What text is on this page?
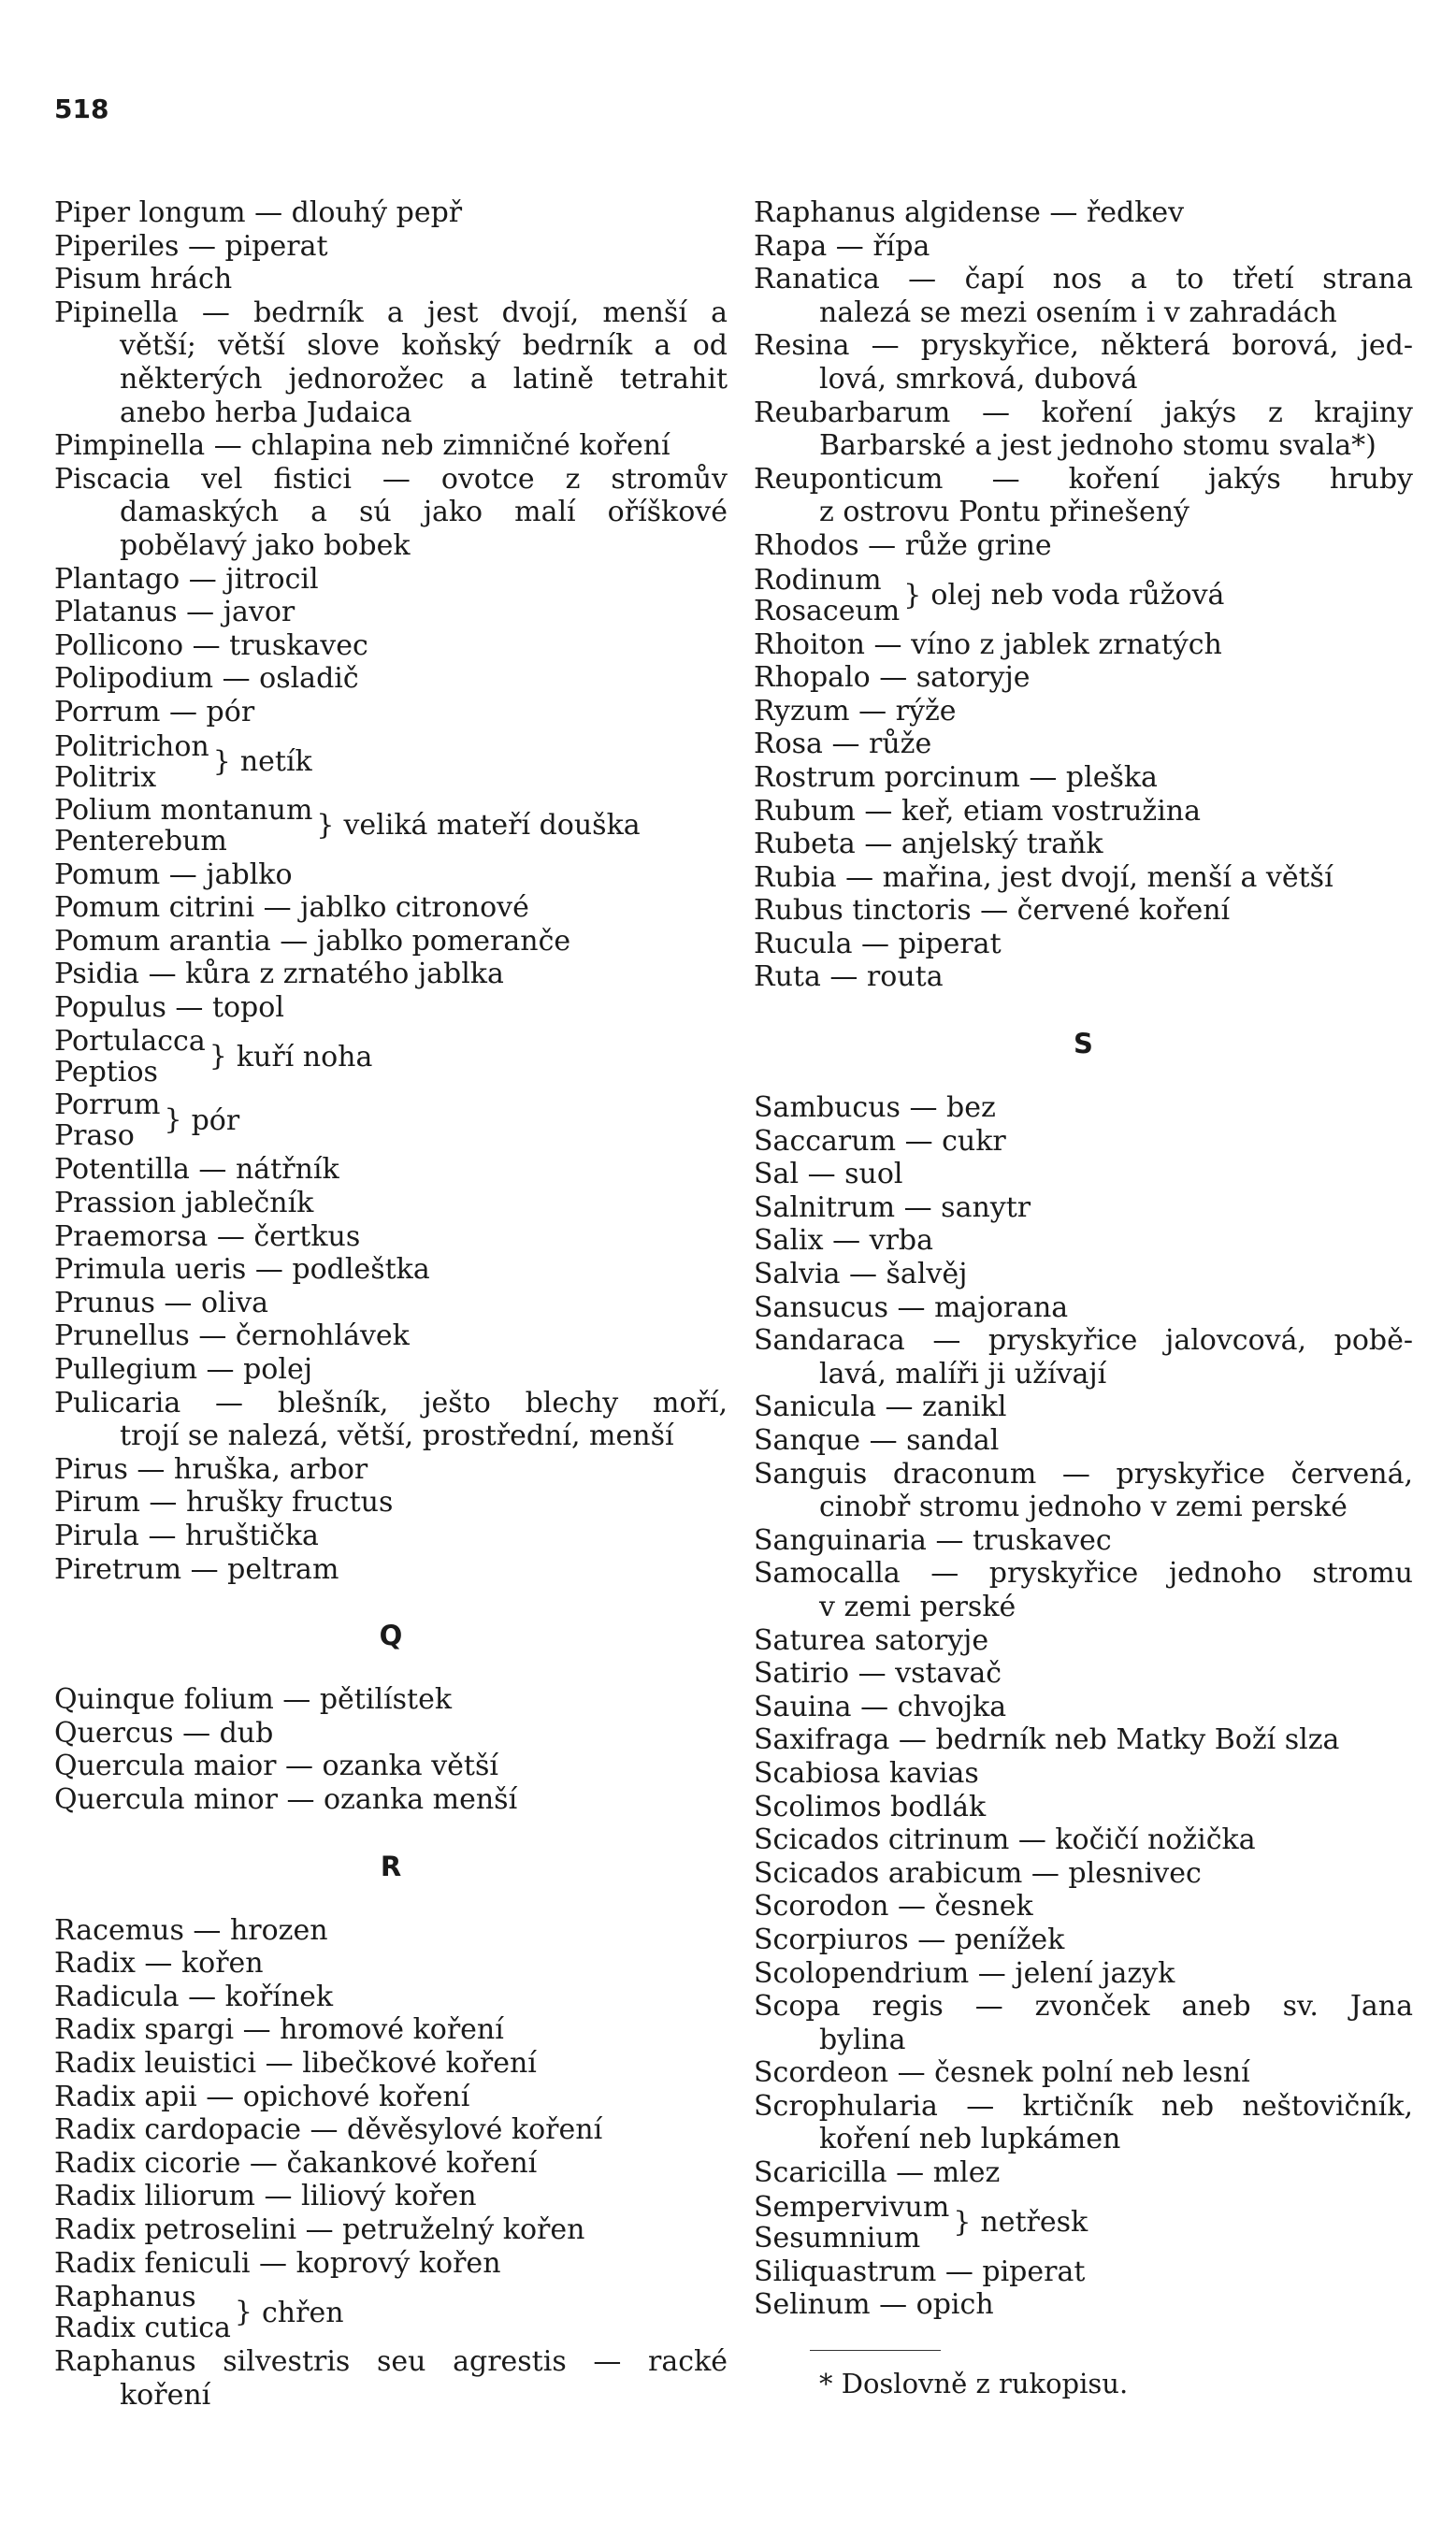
518
Piper longum — dlouhý pepř
Piperiles — piperat
Pisum hrách
Pipinella — bedrník a jest dvojí, menší a
větší; větší slove koňský bedrník a od
některých jednorožec a latině tetrahit
anebo herba Judaica
Pimpinella — chlapina neb zimničné koření
Piscacia vel fistici — ovotce z stromův
damaských a sú jako malí oříškové
pobělavý jako bobek
Plantago — jitrocil
Platanus — javor
Pollicono — truskavec
Polipodium — osladič
Porrum — pór
Politrichon
Politrix	} netík
Polium montanum
Penterebum	} veliká mateří douška
Pomum — jablko
Pomum citrini — jablko citronové
Pomum arantia — jablko pomeranče
Psidia — kůra z zrnatého jablka
Populus — topol
Portulacca
Peptios	} kuří noha
Porrum
Praso	} pór
Potentilla — nátřník
Prassion jablečník
Praemorsa — čertkus
Primula ueris — podleštka
Prunus — oliva
Prunellus — černohlávek
Pullegium — polej
Pulicaria — blešník, ješto blechy moří,
trojí se nalezá, větší, prostřední, menší
Pirus — hruška, arbor
Pirum — hrušky fructus
Pirula — hruštička
Piretrum — peltram
Q
Quinque folium — pětilístek
Quercus — dub
Quercula maior — ozanka větší
Quercula minor — ozanka menší
R
Racemus — hrozen
Radix — kořen
Radicula — kořínek
Radix spargi — hromové koření
Radix leuistici — libečkové koření
Radix apii — opichové koření
Radix cardopacie — děvěsylové koření
Radix cicorie — čakankové koření
Radix liliorum — liliový kořen
Radix petroselini — petruželný kořen
Radix feniculi — koprový kořen
Raphanus
Radix cutica } chřen
Raphanus silvestris seu agrestis — racké
koření
Raphanus algidense — ředkev
Rapa — řípa
Ranatica — čapí nos a to třetí strana
nalezá se mezi osením i v zahradách
Resina — pryskyřice, některá borová, jed-
lová, smrková, dubová
Reubarbarum — koření jakýs z krajiny
Barbarské a jest jednoho stomu svala*)
Reuponticum — koření jakýs hruby
z ostrovu Pontu přinešený
Rhodos — růže grine
Rodinum
Rosaceum } olej neb voda růžová
Rhoiton — víno z jablek zrnatých
Rhopalo — satoryje
Ryzum — rýže
Rosa — růže
Rostrum porcinum — pleška
Rubum — keř, etiam vostružina
Rubeta — anjelský traňk
Rubia — mařina, jest dvojí, menší a větší
Rubus tinctoris — červené koření
Rucula — piperat
Ruta — routa
S
Sambucus — bez
Saccarum — cukr
Sal — suol
Salnitrum — sanytr
Salix — vrba
Salvia — šalvěj
Sansucus — majorana
Sandaraca — pryskyřice jalovcová, pobě-
lavá, malíři ji užívají
Sanicula — zanikl
Sanque — sandal
Sanguis draconum — pryskyřice červená,
cinobř stromu jednoho v zemi perské
Sanguinaria — truskavec
Samocalla — pryskyřice jednoho stromu
v zemi perské
Saturea satoryje
Satirio — vstavač
Sauina — chvojka
Saxifraga — bedrník neb Matky Boží slza
Scabiosa kavias
Scolimos bodlák
Scicados citrinum — kočičí nožička
Scicados arabicum — plesnivec
Scorodon — česnek
Scorpiuros — penížek
Scolopendrium — jelení jazyk
Scopa regis — zvonček aneb sv. Jana
bylina
Scordeon — česnek polní neb lesní
Scrophularia — krtičník neb neštovičník,
koření neb lupkámen
Scaricilla — mlez
Sempervivum
Sesumnium	} netřesk
Siliquastrum — piperat
Selinum — opich
* Doslovně z rukopisu.
